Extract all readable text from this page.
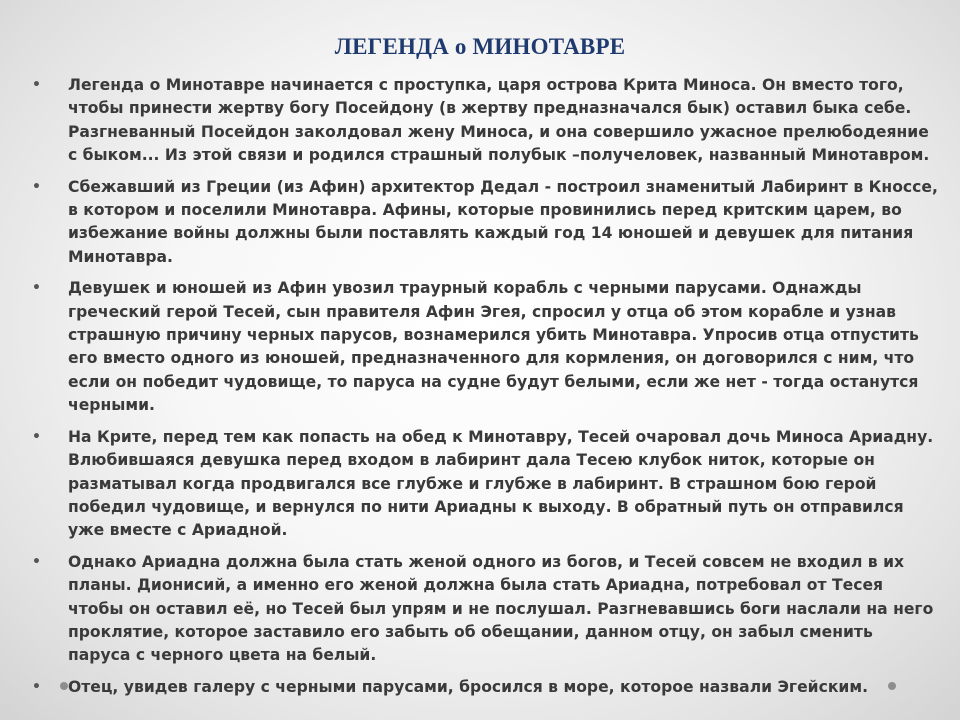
ЛЕГЕНДА о МИНОТАВРЕ
• Легенда о Минотавре начинается с проступка, царя острова Крита Миноса. Он вместо того, чтобы принести жертву богу Посейдону (в жертву предназначался бык) оставил быка себе. Разгневанный Посейдон заколдовал жену Миноса, и она совершило ужасное прелюбодеяние с быком... Из этой связи и родился страшный полубык –получеловек, названный Минотавром.
• Сбежавший из Греции (из Афин) архитектор Дедал - построил знаменитый Лабиринт в Кноссе, в котором и поселили Минотавра. Афины, которые провинились перед критским царем, во избежание войны должны были поставлять каждый год 14 юношей и девушек для питания Минотавра.
• Девушек и юношей из Афин увозил траурный корабль с черными парусами. Однажды греческий герой Тесей, сын правителя Афин Эгея, спросил у отца об этом корабле и узнав страшную причину черных парусов, вознамерился убить Минотавра. Упросив отца отпустить его вместо одного из юношей, предназначенного для кормления, он договорился с ним, что если он победит чудовище, то паруса на судне будут белыми, если же нет - тогда останутся черными.
• На Крите, перед тем как попасть на обед к Минотавру, Тесей очаровал дочь Миноса Ариадну. Влюбившаяся девушка перед входом в лабиринт дала Тесею клубок ниток, которые он разматывал когда продвигался все глубже и глубже в лабиринт. В страшном бою герой победил чудовище, и вернулся по нити Ариадны к выходу. В обратный путь он отправился уже вместе с Ариадной.
• Однако Ариадна должна была стать женой одного из богов, и Тесей совсем не входил в их планы. Дионисий, а именно его женой должна была стать Ариадна, потребовал от Тесея чтобы он оставил её, но Тесей был упрям и не послушал. Разгневавшись боги наслали на него проклятие, которое заставило его забыть об обещании, данном отцу, он забыл сменить паруса с черного цвета на белый.
• Отец, увидев галеру с черными парусами, бросился в море, которое назвали Эгейским.
